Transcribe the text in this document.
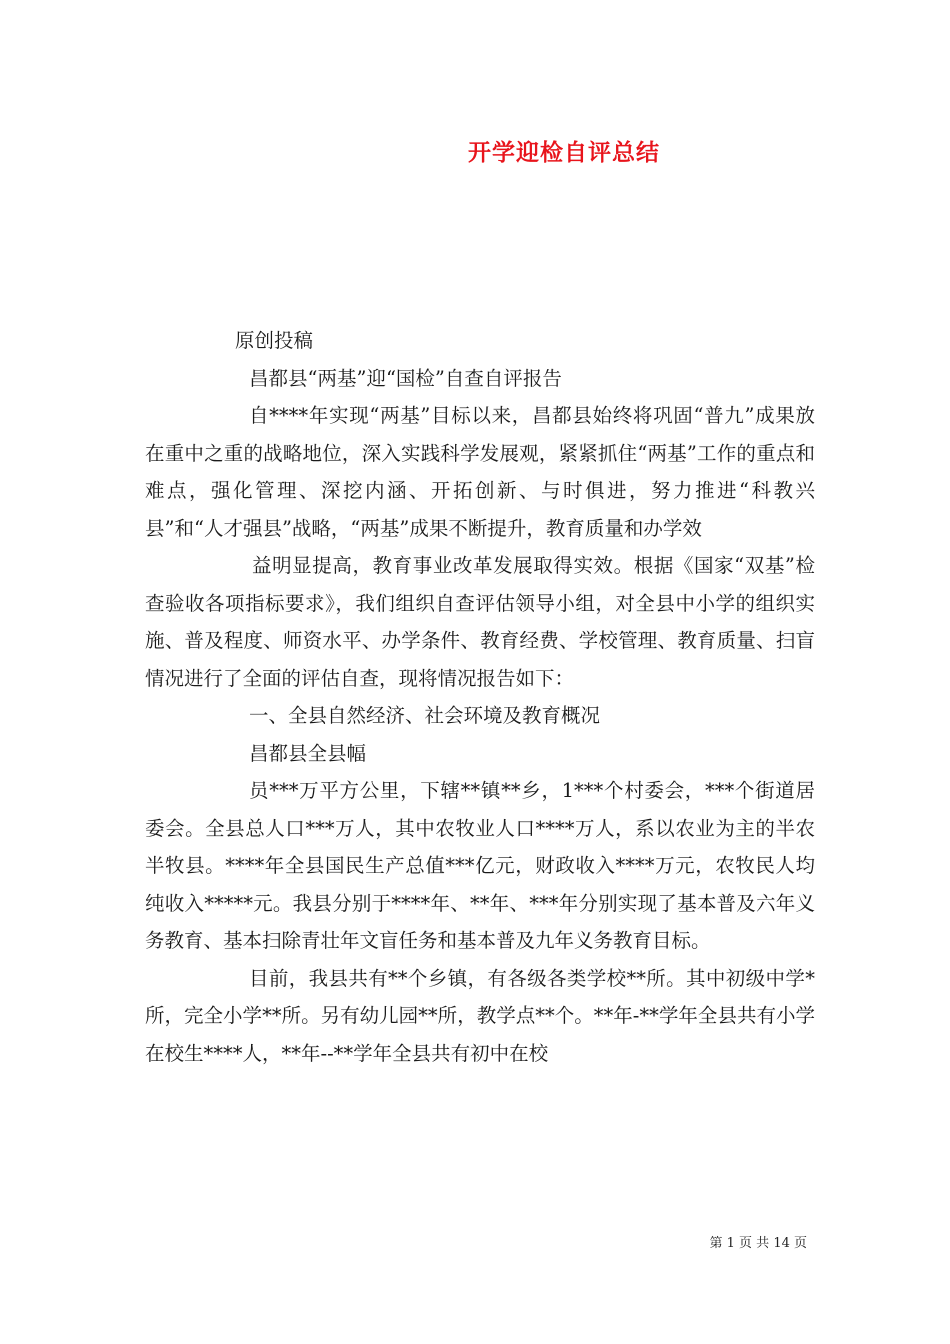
开学迎检自评总结

原创投稿

昌都县“两基”迎“国检”自查自评报告

自****年实现“两基”目标以来，昌都县始终将巩固“普九”成果放在重中之重的战略地位，深入实践科学发展观，紧紧抓住“两基”工作的重点和难点，强化管理、深挖内涵、开拓创新、与时俱进，努力推进“科教兴县”和“人才强县”战略，“两基”成果不断提升，教育质量和办学效

益明显提高，教育事业改革发展取得实效。根据《国家“双基”检查验收各项指标要求》，我们组织自查评估领导小组，对全县中小学的组织实施、普及程度、师资水平、办学条件、教育经费、学校管理、教育质量、扫盲情况进行了全面的评估自查，现将情况报告如下：

一、全县自然经济、社会环境及教育概况

昌都县全县幅

员***万平方公里，下辖**镇**乡，1***个村委会，***个街道居委会。全县总人口***万人，其中农牧业人口****万人，系以农业为主的半农半牧县。****年全县国民生产总值***亿元，财政收入****万元，农牧民人均纯收入*****元。我县分别于****年、**年、***年分别实现了基本普及六年义务教育、基本扫除青壮年文盲任务和基本普及九年义务教育目标。

目前，我县共有**个乡镇，有各级各类学校**所。其中初级中学*所，完全小学**所。另有幼儿园**所，教学点**个。**年-**学年全县共有小学在校生****人，**年--**学年全县共有初中在校

第 1 页 共 14 页
